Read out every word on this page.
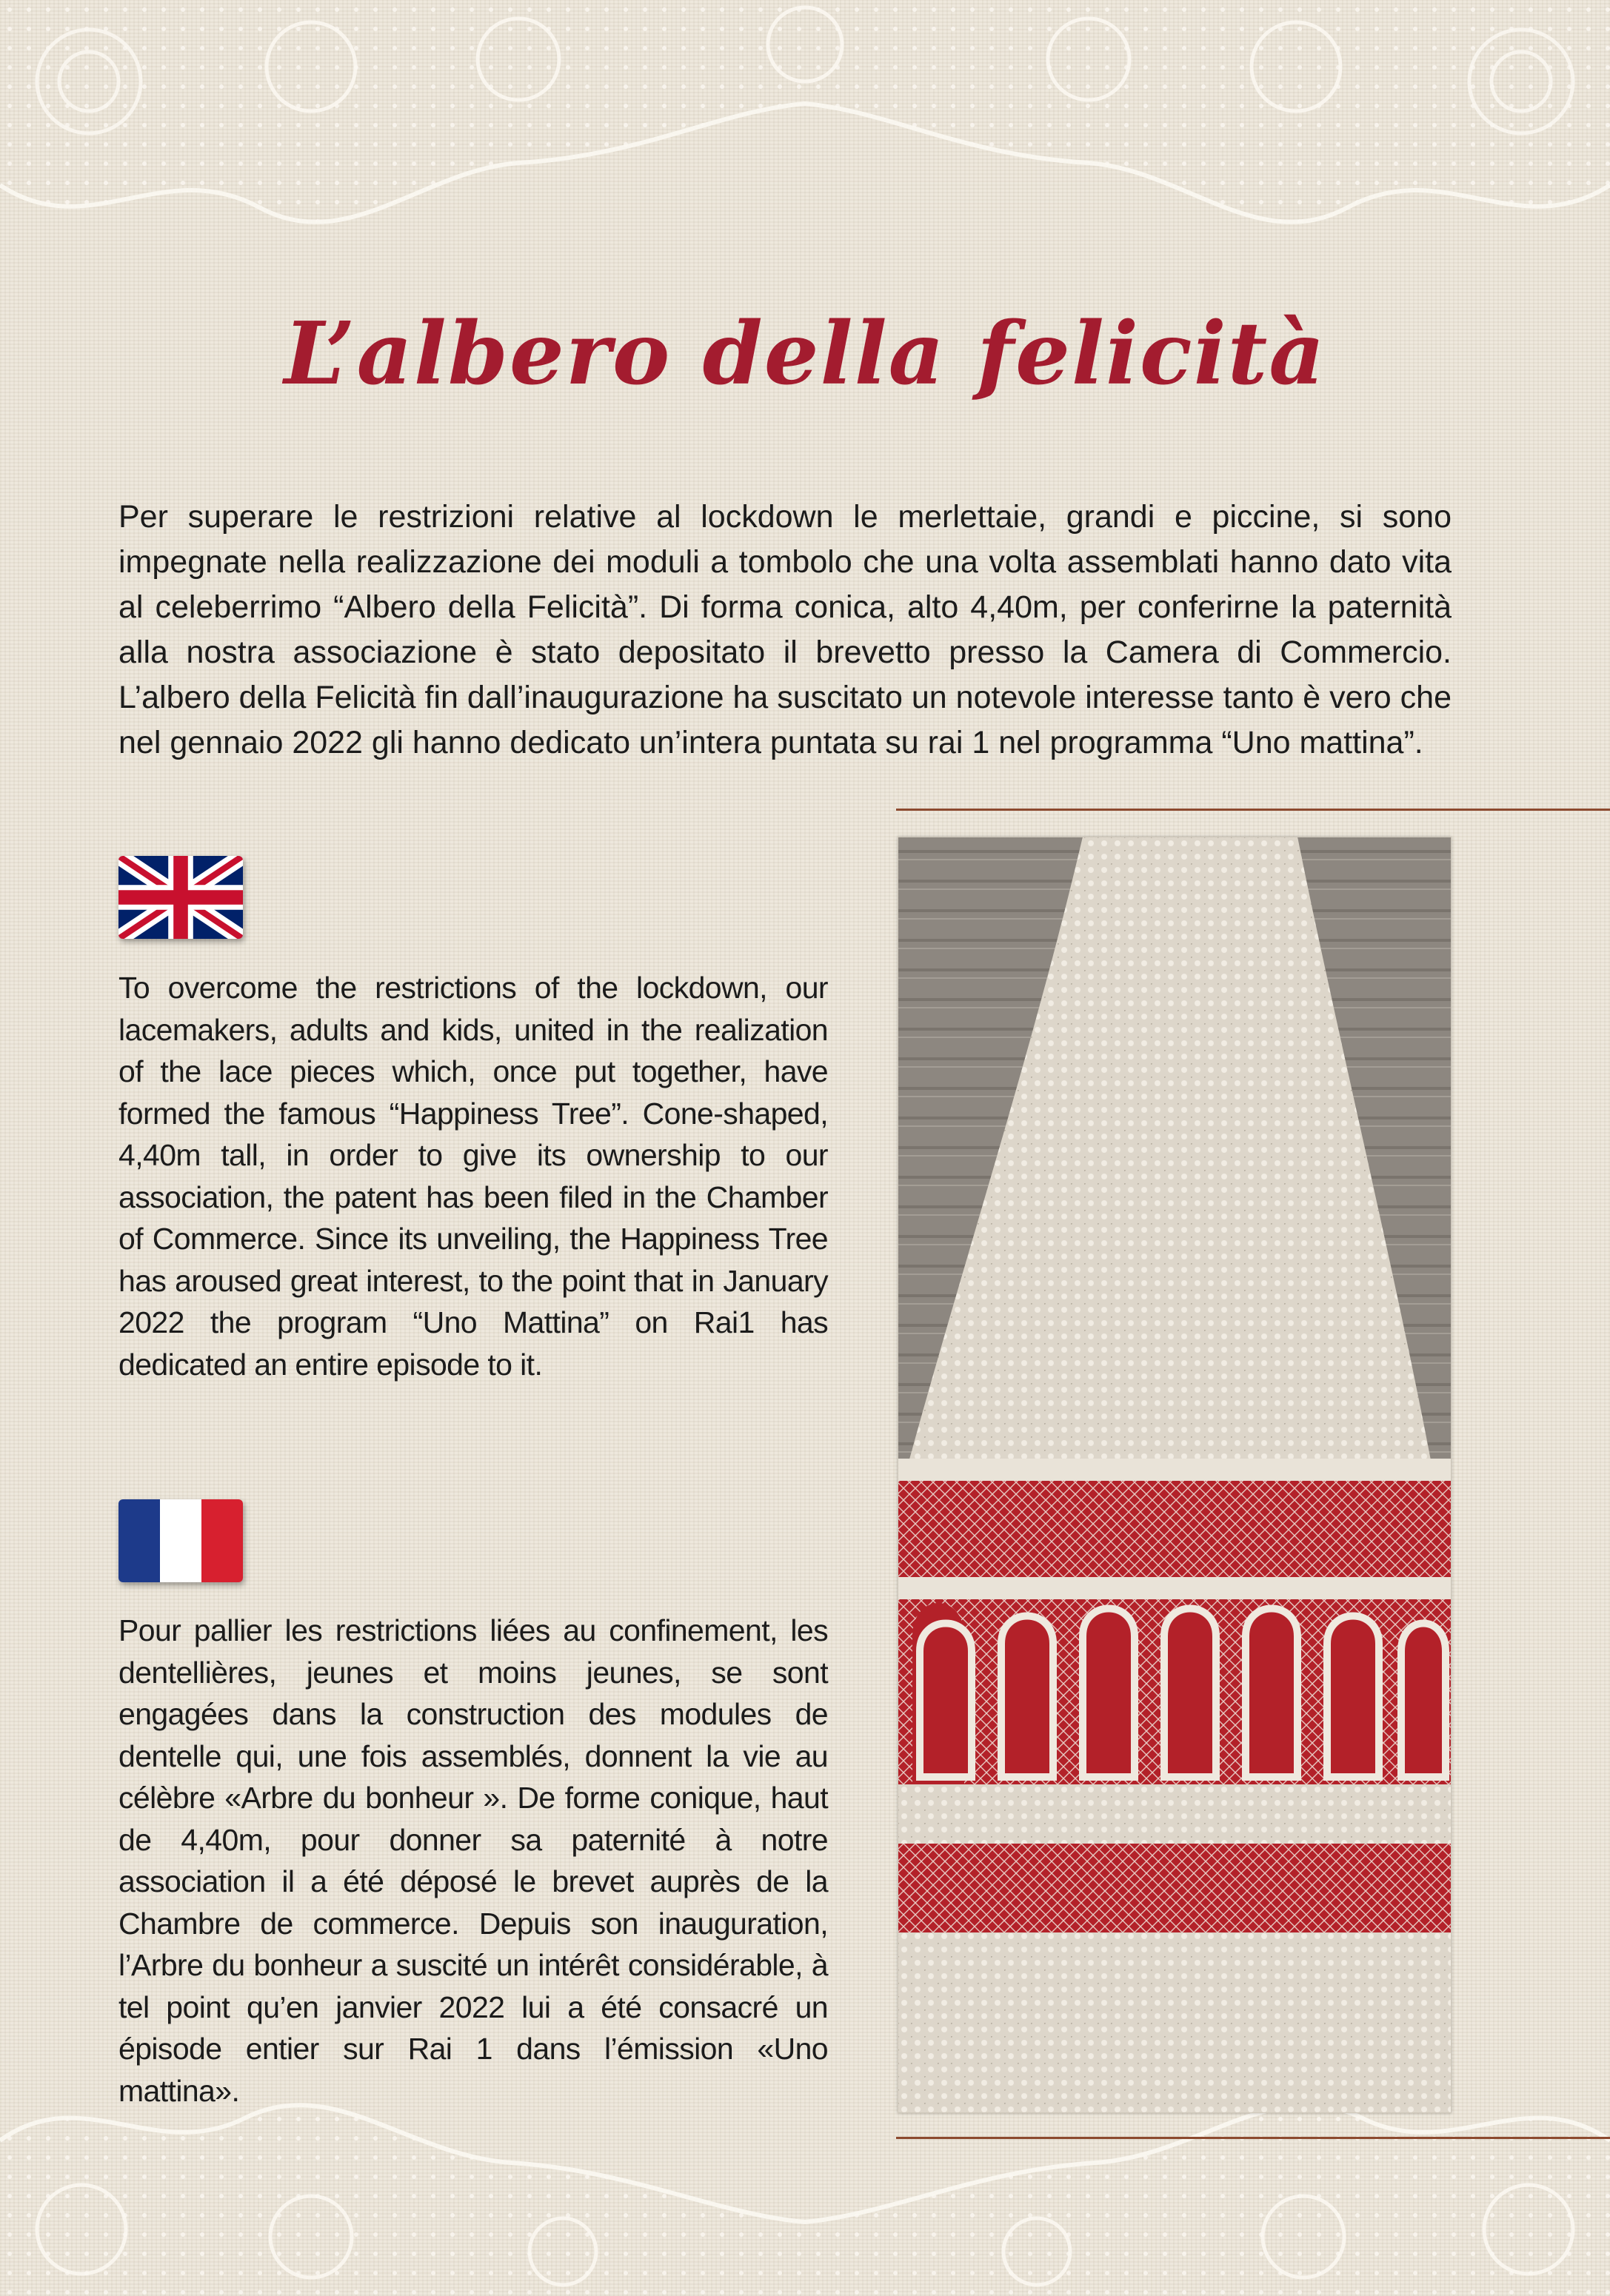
L’albero della felicità

Per superare le restrizioni relative al lockdown le merlettaie, grandi e piccine, si sono impegnate nella realizzazione dei moduli a tombolo che una volta assemblati hanno dato vita al celeberrimo “Albero della Felicità”. Di forma conica, alto 4,40m, per conferirne la paternità alla nostra associazione è stato depositato il brevetto presso la Camera di Commercio. L’albero della Felicità fin dall’inaugurazione ha suscitato un notevole interesse tanto è vero che nel gennaio 2022 gli hanno dedicato un’intera puntata su rai 1 nel programma “Uno mattina”.

To overcome the restrictions of the lockdown, our lacemakers, adults and kids, united in the realization of the lace pieces which, once put together, have formed the famous “Happiness Tree”. Cone-shaped, 4,40m tall, in order to give its ownership to our association, the patent has been filed in the Chamber of Commerce. Since its unveiling, the Happiness Tree has aroused great interest, to the point that in January 2022 the program “Uno Mattina” on Rai1 has dedicated an entire episode to it.

Pour pallier les restrictions liées au confinement, les dentellières, jeunes et moins jeunes, se sont engagées dans la construction des modules de dentelle qui, une fois assemblés, donnent la vie au célèbre «Arbre du bonheur ». De forme conique, haut de 4,40m, pour donner sa paternité à notre association il a été déposé le brevet auprès de la Chambre de commerce. Depuis son inauguration, l’Arbre du bonheur a suscité un intérêt considérable, à tel point qu’en janvier 2022 lui a été consacré un épisode entier sur Rai 1 dans l’émission «Uno mattina».
